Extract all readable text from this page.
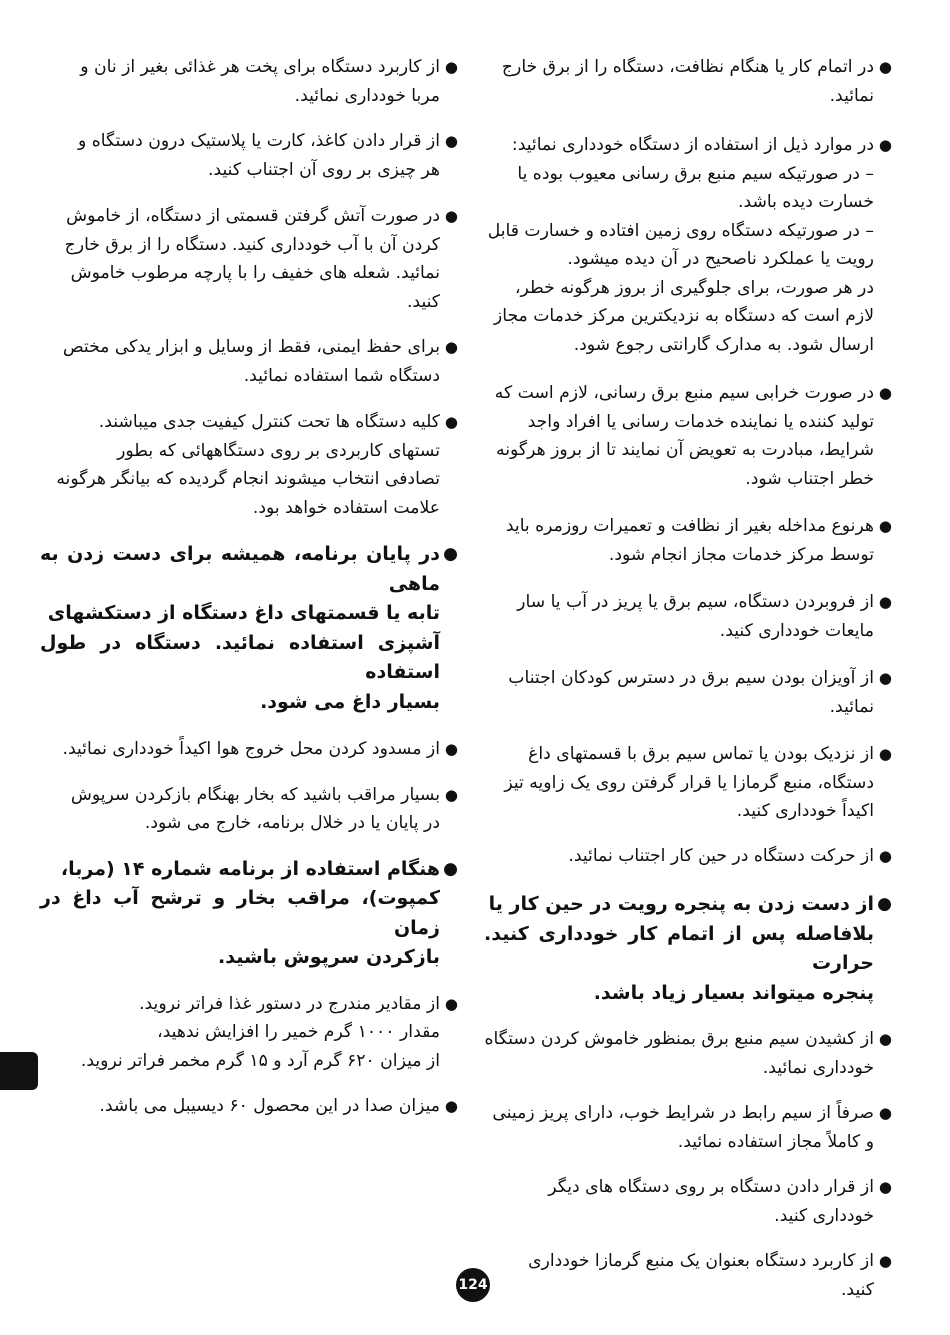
●
در اتمام کار یا هنگام نظافت، دستگاه را از برق خارج
نمائید.
●
در موارد ذیل از استفاده از دستگاه خودداری نمائید:
– در صورتیکه سیم منبع برق رسانی معیوب بوده یا
خسارت دیده باشد.
– در صورتیکه دستگاه روی زمین افتاده و خسارت قابل
رویت یا عملکرد ناصحیح در آن دیده میشود.
در هر صورت، برای جلوگیری از بروز هرگونه خطر،
لازم است که دستگاه به نزدیکترین مرکز خدمات مجاز
ارسال شود. به مدارک گارانتی رجوع شود.
●
در صورت خرابی سیم منبع برق رسانی، لازم است که
تولید کننده یا نماینده خدمات رسانی یا افراد واجد
شرایط، مبادرت به تعویض آن نمایند تا از بروز هرگونه
خطر اجتناب شود.
●
هرنوع مداخله بغیر از نظافت و تعمیرات روزمره باید
توسط مرکز خدمات مجاز انجام شود.
●
از فروبردن دستگاه، سیم برق یا پریز در آب یا سار
مایعات خودداری کنید.
●
از آویزان بودن سیم برق در دسترس کودکان اجتناب
نمائید.
●
از نزدیک بودن یا تماس سیم برق با قسمتهای داغ
دستگاه، منبع گرمازا یا قرار گرفتن روی یک زاویه تیز
اکیداً خودداری کنید.
●
از حرکت دستگاه در حین کار اجتناب نمائید.
●
از دست زدن به پنجره رویت در حین کار یا
بلافاصله پس از اتمام کار خودداری کنید. حرارت
پنجره میتواند بسیار زیاد باشد.
●
از کشیدن سیم منبع برق بمنظور خاموش کردن دستگاه
خودداری نمائید.
●
صرفاً از سیم رابط در شرایط خوب، دارای پریز زمینی
و کاملاً مجاز استفاده نمائید.
●
از قرار دادن دستگاه بر روی دستگاه های دیگر
خودداری کنید.
●
از کاربرد دستگاه بعنوان یک منبع گرمازا خودداری
کنید.
●
از کاربرد دستگاه برای پخت هر غذائی بغیر از نان و
مربا خودداری نمائید.
●
از قرار دادن کاغذ، کارت یا پلاستیک درون دستگاه و
هر چیزی بر روی آن اجتناب کنید.
●
در صورت آتش گرفتن قسمتی از دستگاه، از خاموش
کردن آن با آب خودداری کنید. دستگاه را از برق خارج
نمائید. شعله های خفیف را با پارچه مرطوب خاموش
کنید.
●
برای حفظ ایمنی، فقط از وسایل و ابزار یدکی مختص
دستگاه شما استفاده نمائید.
●
کلیه دستگاه ها تحت کنترل کیفیت جدی میباشند.
تستهای کاربردی بر روی دستگاههائی که بطور
تصادفی انتخاب میشوند انجام گردیده که بیانگر هرگونه
علامت استفاده خواهد بود.
●
در پایان برنامه، همیشه برای دست زدن به ماهی
تابه یا قسمتهای داغ دستگاه از دستکشهای
آشپزی استفاده نمائید. دستگاه در طول استفاده
بسیار داغ می شود.
●
از مسدود کردن محل خروج هوا اکیداً خودداری نمائید.
●
بسیار مراقب باشید که بخار بهنگام بازکردن سرپوش
در پایان یا در خلال برنامه، خارج می شود.
●
هنگام استفاده از برنامه شماره ۱۴ (مربا،
کمپوت)، مراقب بخار و ترشح آب داغ در زمان
بازکردن سرپوش باشید.
●
از مقادیر مندرج در دستور غذا فراتر نروید.
مقدار ۱۰۰۰ گرم خمیر را افزایش ندهید،
از میزان ۶۲۰ گرم آرد و ۱۵ گرم مخمر فراتر نروید.
●
میزان صدا در این محصول ۶۰ دیسیبل می باشد.
124
